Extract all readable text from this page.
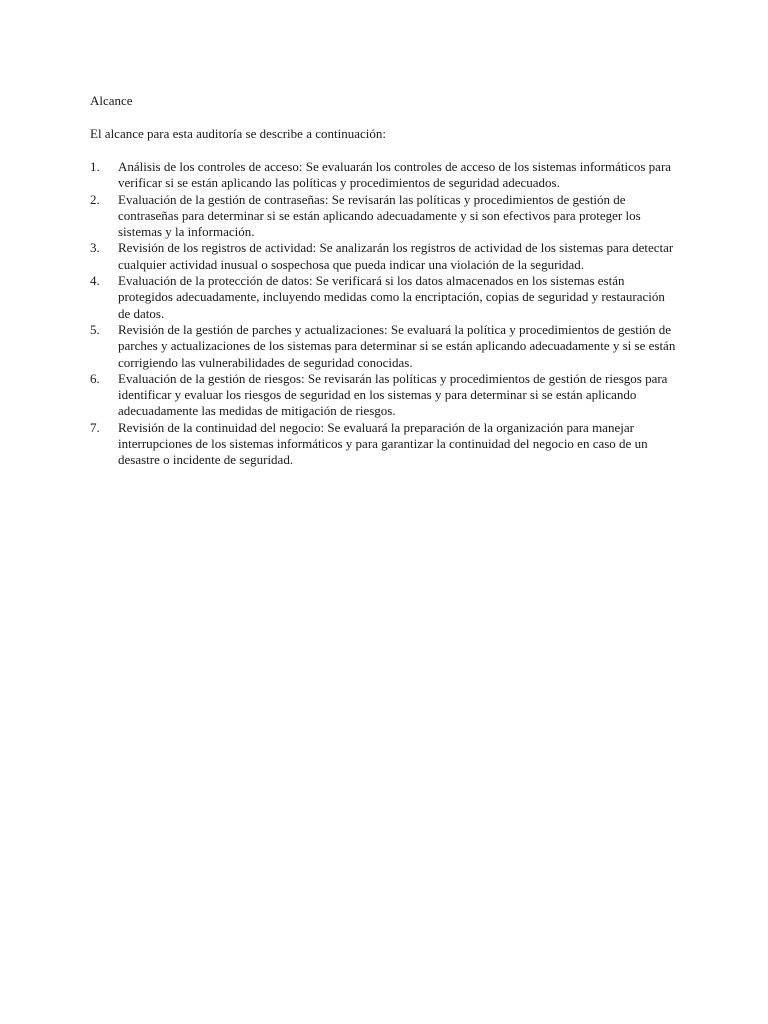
Alcance

El alcance para esta auditoría se describe a continuación:

1. Análisis de los controles de acceso: Se evaluarán los controles de acceso de los sistemas informáticos para verificar si se están aplicando las políticas y procedimientos de seguridad adecuados.
2. Evaluación de la gestión de contraseñas: Se revisarán las políticas y procedimientos de gestión de contraseñas para determinar si se están aplicando adecuadamente y si son efectivos para proteger los sistemas y la información.
3. Revisión de los registros de actividad: Se analizarán los registros de actividad de los sistemas para detectar cualquier actividad inusual o sospechosa que pueda indicar una violación de la seguridad.
4. Evaluación de la protección de datos: Se verificará si los datos almacenados en los sistemas están protegidos adecuadamente, incluyendo medidas como la encriptación, copias de seguridad y restauración de datos.
5. Revisión de la gestión de parches y actualizaciones: Se evaluará la política y procedimientos de gestión de parches y actualizaciones de los sistemas para determinar si se están aplicando adecuadamente y si se están corrigiendo las vulnerabilidades de seguridad conocidas.
6. Evaluación de la gestión de riesgos: Se revisarán las políticas y procedimientos de gestión de riesgos para identificar y evaluar los riesgos de seguridad en los sistemas y para determinar si se están aplicando adecuadamente las medidas de mitigación de riesgos.
7. Revisión de la continuidad del negocio: Se evaluará la preparación de la organización para manejar interrupciones de los sistemas informáticos y para garantizar la continuidad del negocio en caso de un desastre o incidente de seguridad.
